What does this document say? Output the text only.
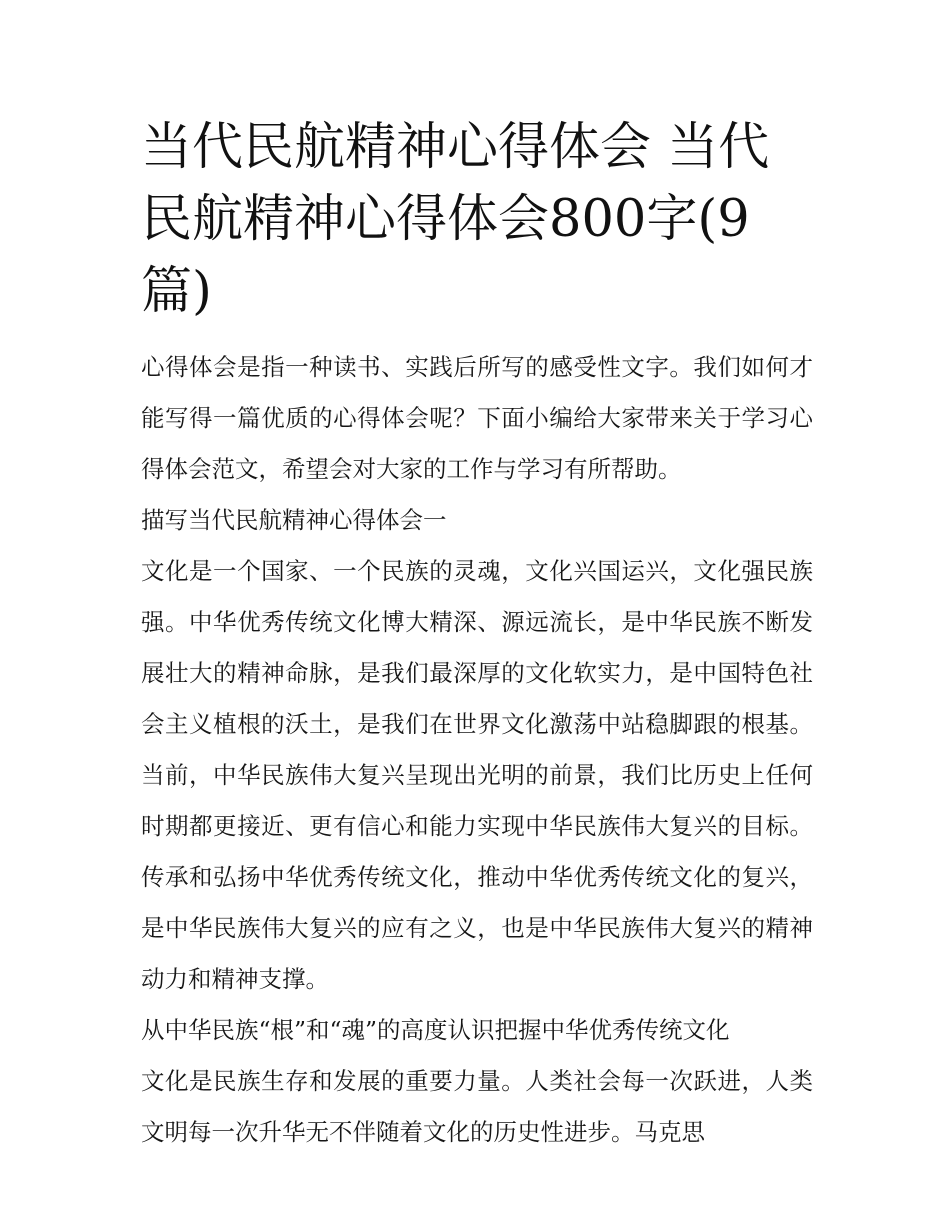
当代民航精神心得体会 当代民航精神心得体会800字(9篇)

心得体会是指一种读书、实践后所写的感受性文字。我们如何才能写得一篇优质的心得体会呢？下面小编给大家带来关于学习心得体会范文，希望会对大家的工作与学习有所帮助。

描写当代民航精神心得体会一

文化是一个国家、一个民族的灵魂，文化兴国运兴，文化强民族强。中华优秀传统文化博大精深、源远流长，是中华民族不断发展壮大的精神命脉，是我们最深厚的文化软实力，是中国特色社会主义植根的沃土，是我们在世界文化激荡中站稳脚跟的根基。当前，中华民族伟大复兴呈现出光明的前景，我们比历史上任何时期都更接近、更有信心和能力实现中华民族伟大复兴的目标。传承和弘扬中华优秀传统文化，推动中华优秀传统文化的复兴，是中华民族伟大复兴的应有之义，也是中华民族伟大复兴的精神动力和精神支撑。

从中华民族“根”和“魂”的高度认识把握中华优秀传统文化

文化是民族生存和发展的重要力量。人类社会每一次跃进，人类文明每一次升华无不伴随着文化的历史性进步。马克思
